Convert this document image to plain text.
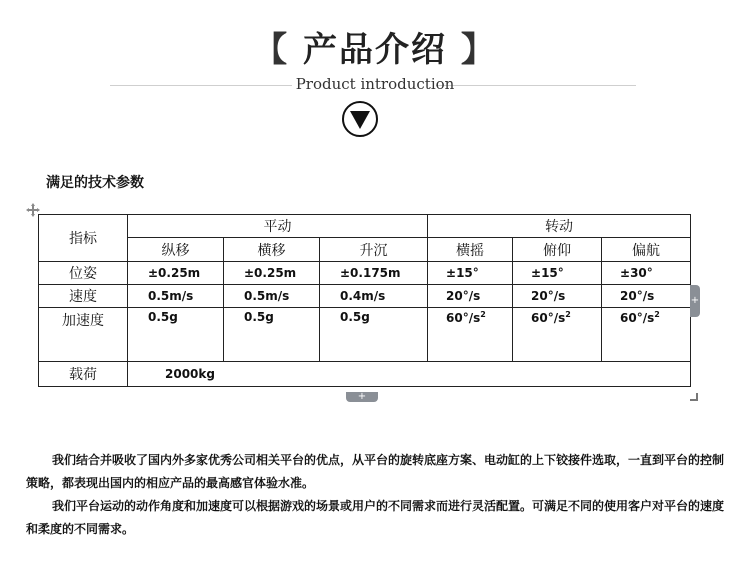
【 产品介绍 】
Product introduction
满足的技术参数
指标	平动			转动		
	纵移	横移	升沉	横摇	俯仰	偏航
位姿	±0.25m	±0.25m	±0.175m	±15°	±15°	±30°
速度	0.5m/s	0.5m/s	0.4m/s	20°/s	20°/s	20°/s
加速度	0.5g	0.5g	0.5g	$60^\circ/s^2$	$60^\circ/s^2$	$60^\circ/s^2$
载荷	2000kg					
+
+
我们结合并吸收了国内外多家优秀公司相关平台的优点，从平台的旋转底座方案、电动缸的上下铰接件选取，一直到平台的控制策略，都表现出国内的相应产品的最高感官体验水准。
我们平台运动的动作角度和加速度可以根据游戏的场景或用户的不同需求而进行灵活配置。可满足不同的使用客户对平台的速度和柔度的不同需求。
